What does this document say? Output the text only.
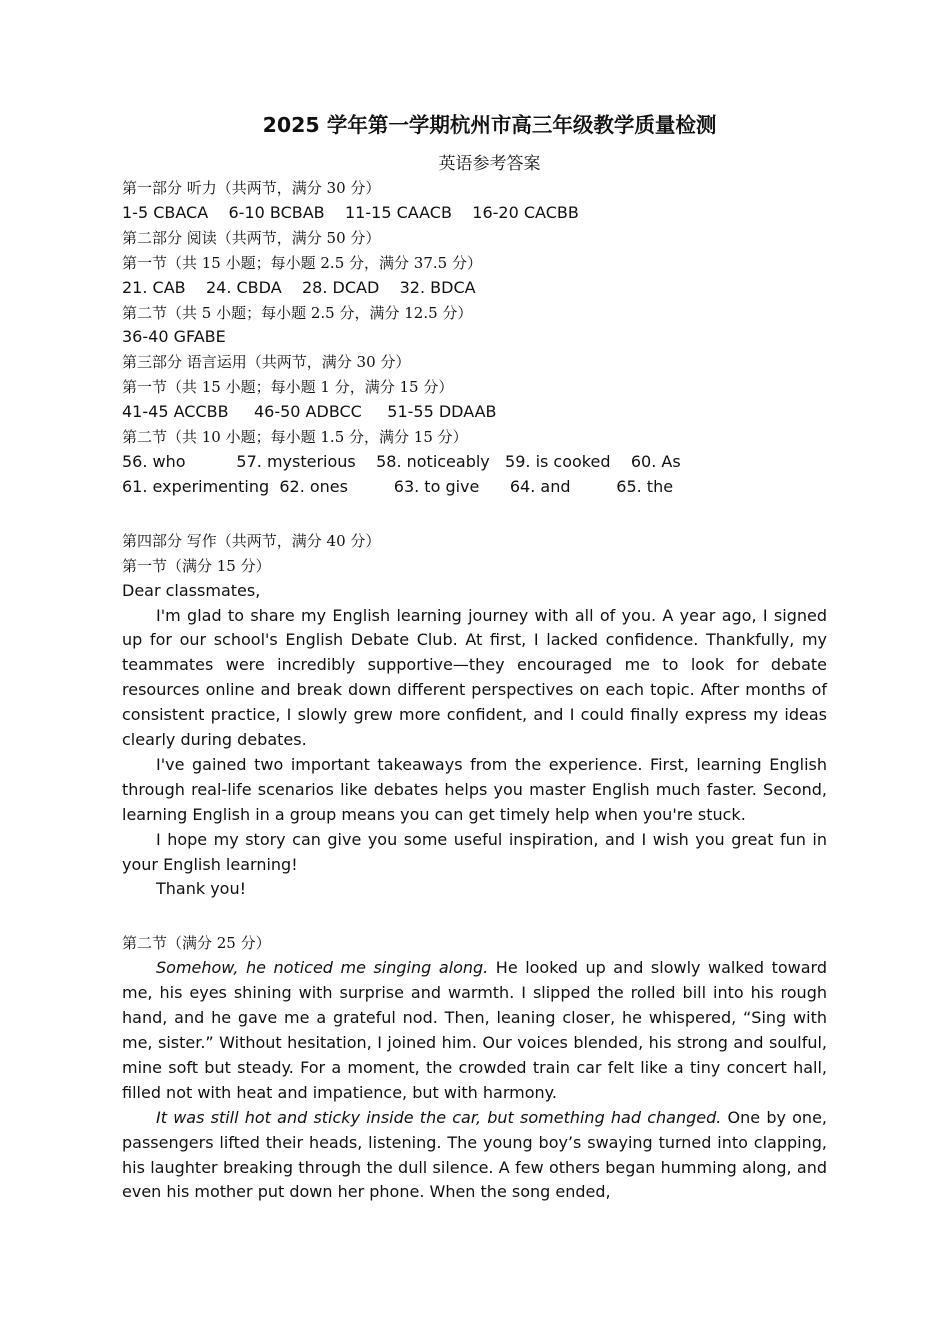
2025 学年第一学期杭州市高三年级教学质量检测
英语参考答案
第一部分 听力（共两节，满分 30 分）
1-5 CBACA    6-10 BCBAB    11-15 CAACB    16-20 CACBB
第二部分 阅读（共两节，满分 50 分）
第一节（共 15 小题；每小题 2.5 分，满分 37.5 分）
21. CAB    24. CBDA    28. DCAD    32. BDCA
第二节（共 5 小题；每小题 2.5 分，满分 12.5 分）
36-40 GFABE
第三部分 语言运用（共两节，满分 30 分）
第一节（共 15 小题；每小题 1 分，满分 15 分）
41-45 ACCBB     46-50 ADBCC     51-55 DDAAB
第二节（共 10 小题；每小题 1.5 分，满分 15 分）
56. who          57. mysterious    58. noticeably   59. is cooked    60. As
61. experimenting  62. ones         63. to give      64. and         65. the
第四部分 写作（共两节，满分 40 分）
第一节（满分 15 分）
Dear classmates,
I'm glad to share my English learning journey with all of you. A year ago, I signed up for our school's English Debate Club. At first, I lacked confidence. Thankfully, my teammates were incredibly supportive—they encouraged me to look for debate resources online and break down different perspectives on each topic. After months of consistent practice, I slowly grew more confident, and I could finally express my ideas clearly during debates.
I've gained two important takeaways from the experience. First, learning English through real-life scenarios like debates helps you master English much faster. Second, learning English in a group means you can get timely help when you're stuck.
I hope my story can give you some useful inspiration, and I wish you great fun in your English learning!
Thank you!
第二节（满分 25 分）
Somehow, he noticed me singing along. He looked up and slowly walked toward me, his eyes shining with surprise and warmth. I slipped the rolled bill into his rough hand, and he gave me a grateful nod. Then, leaning closer, he whispered, “Sing with me, sister.” Without hesitation, I joined him. Our voices blended, his strong and soulful, mine soft but steady. For a moment, the crowded train car felt like a tiny concert hall, filled not with heat and impatience, but with harmony.
It was still hot and sticky inside the car, but something had changed. One by one, passengers lifted their heads, listening. The young boy’s swaying turned into clapping, his laughter breaking through the dull silence. A few others began humming along, and even his mother put down her phone. When the song ended,
